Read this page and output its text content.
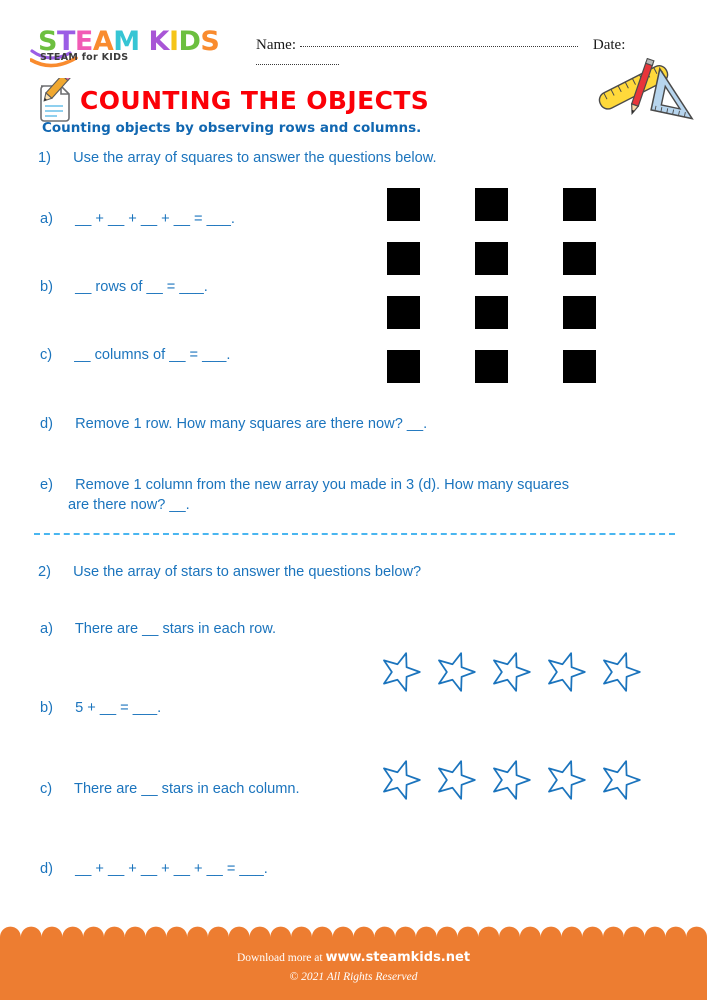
STEAM KIDS
STEAM for KIDS
Name:	Date:
COUNTING THE OBJECTS
Counting objects by observing rows and columns.
1) Use the array of squares to answer the questions below.
a) __ + __ + __ + __ = ___.
b) __ rows of __ = ___.
c) __ columns of __ = ___.
d) Remove 1 row. How many squares are there now? __.
e) Remove 1 column from the new array you made in 3 (d). How many squares
are there now? __.
2) Use the array of stars to answer the questions below?
a) There are __ stars in each row.
b) 5 + __ = ___.
c) There are __ stars in each column.
d) __ + __ + __ + __ + __ = ___.
Download more at www.steamkids.net
© 2021 All Rights Reserved
